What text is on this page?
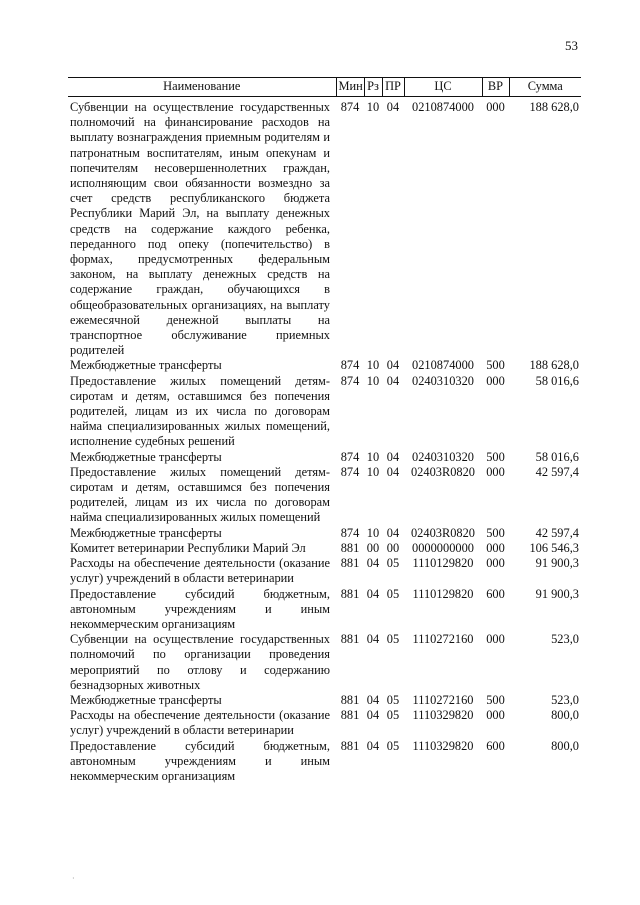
53
Наименование	Мин	Рз	ПР	ЦС	ВР	Сумма
Субвенции на осуществление государственных полномочий на финансирование расходов на выплату вознаграждения приемным родителям и патронатным воспитателям, иным опекунам и попечителям несовершеннолетних граждан, исполняющим свои обязанности возмездно за счет средств республиканского бюджета Республики Марий Эл, на выплату денежных средств на содержание каждого ребенка, переданного под опеку (попечительство) в формах, предусмотренных федеральным законом, на выплату денежных средств на содержание граждан, обучающихся в общеобразовательных организациях, на выплату ежемесячной денежной выплаты на транспортное обслуживание приемных родителей	874	10	04	0210874000	000	188 628,0
Межбюджетные трансферты	874	10	04	0210874000	500	188 628,0
Предоставление жилых помещений детям-сиротам и детям, оставшимся без попечения родителей, лицам из их числа по договорам найма специализированных жилых помещений, исполнение судебных решений	874	10	04	0240310320	000	58 016,6
Межбюджетные трансферты	874	10	04	0240310320	500	58 016,6
Предоставление жилых помещений детям-сиротам и детям, оставшимся без попечения родителей, лицам из их числа по договорам найма специализированных жилых помещений	874	10	04	02403R0820	000	42 597,4
Межбюджетные трансферты	874	10	04	02403R0820	500	42 597,4
Комитет ветеринарии Республики Марий Эл	881	00	00	0000000000	000	106 546,3
Расходы на обеспечение деятельности (оказание услуг) учреждений в области ветеринарии	881	04	05	1110129820	000	91 900,3
Предоставление субсидий бюджетным, автономным учреждениям и иным некоммерческим организациям	881	04	05	1110129820	600	91 900,3
Субвенции на осуществление государственных полномочий по организации проведения мероприятий по отлову и содержанию безнадзорных животных	881	04	05	1110272160	000	523,0
Межбюджетные трансферты	881	04	05	1110272160	500	523,0
Расходы на обеспечение деятельности (оказание услуг) учреждений в области ветеринарии	881	04	05	1110329820	000	800,0
Предоставление субсидий бюджетным, автономным учреждениям и иным некоммерческим организациям	881	04	05	1110329820	600	800,0
·
